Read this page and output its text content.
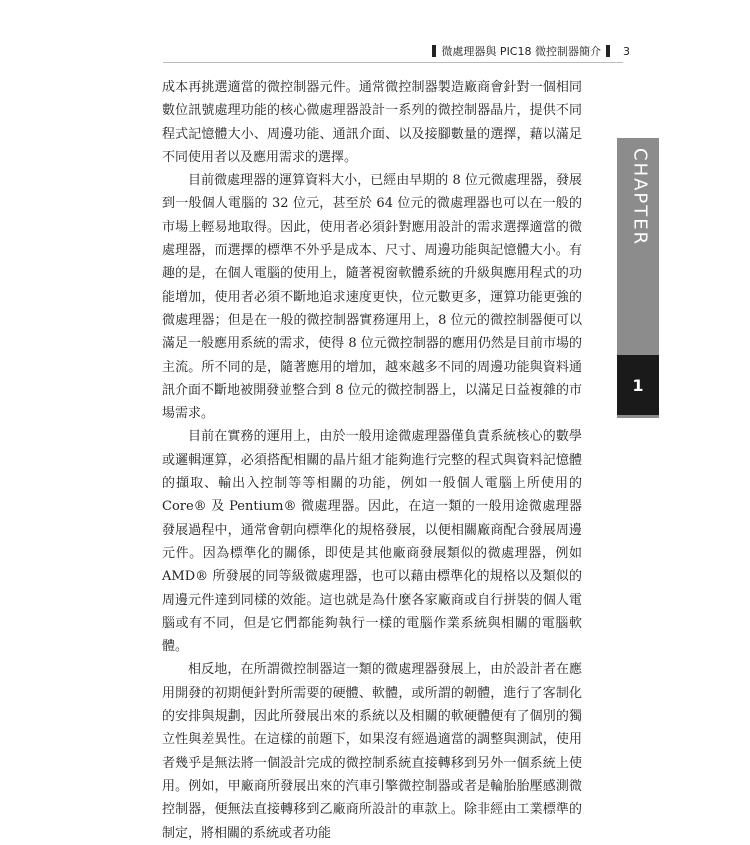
微處理器與 PIC18 微控制器簡介 3
CHAPTER
1

成本再挑選適當的微控制器元件。通常微控制器製造廠商會針對一個相同數位訊號處理功能的核心微處理器設計一系列的微控制器晶片，提供不同程式記憶體大小、周邊功能、通訊介面、以及接腳數量的選擇，藉以滿足不同使用者以及應用需求的選擇。

目前微處理器的運算資料大小，已經由早期的 8 位元微處理器，發展到一般個人電腦的 32 位元，甚至於 64 位元的微處理器也可以在一般的市場上輕易地取得。因此，使用者必須針對應用設計的需求選擇適當的微處理器，而選擇的標準不外乎是成本、尺寸、周邊功能與記憶體大小。有趣的是，在個人電腦的使用上，隨著視窗軟體系統的升級與應用程式的功能增加，使用者必須不斷地追求速度更快，位元數更多，運算功能更強的微處理器；但是在一般的微控制器實務運用上，8 位元的微控制器便可以滿足一般應用系統的需求，使得 8 位元微控制器的應用仍然是目前市場的主流。所不同的是，隨著應用的增加，越來越多不同的周邊功能與資料通訊介面不斷地被開發並整合到 8 位元的微控制器上，以滿足日益複雜的市場需求。

目前在實務的運用上，由於一般用途微處理器僅負責系統核心的數學或邏輯運算，必須搭配相關的晶片組才能夠進行完整的程式與資料記憶體的擷取、輸出入控制等等相關的功能，例如一般個人電腦上所使用的 Core® 及 Pentium® 微處理器。因此，在這一類的一般用途微處理器發展過程中，通常會朝向標準化的規格發展，以便相關廠商配合發展周邊元件。因為標準化的關係，即使是其他廠商發展類似的微處理器，例如 AMD® 所發展的同等級微處理器，也可以藉由標準化的規格以及類似的周邊元件達到同樣的效能。這也就是為什麼各家廠商或自行拼裝的個人電腦或有不同，但是它們都能夠執行一樣的電腦作業系統與相關的電腦軟體。

相反地，在所謂微控制器這一類的微處理器發展上，由於設計者在應用開發的初期便針對所需要的硬體、軟體，或所謂的韌體，進行了客制化的安排與規劃，因此所發展出來的系統以及相關的軟硬體便有了個別的獨立性與差異性。在這樣的前題下，如果沒有經過適當的調整與測試，使用者幾乎是無法將一個設計完成的微控制系統直接轉移到另外一個系統上使用。例如，甲廠商所發展出來的汽車引擎微控制器或者是輪胎胎壓感測微控制器，便無法直接轉移到乙廠商所設計的車款上。除非經由工業標準的制定，將相關的系統或者功能
